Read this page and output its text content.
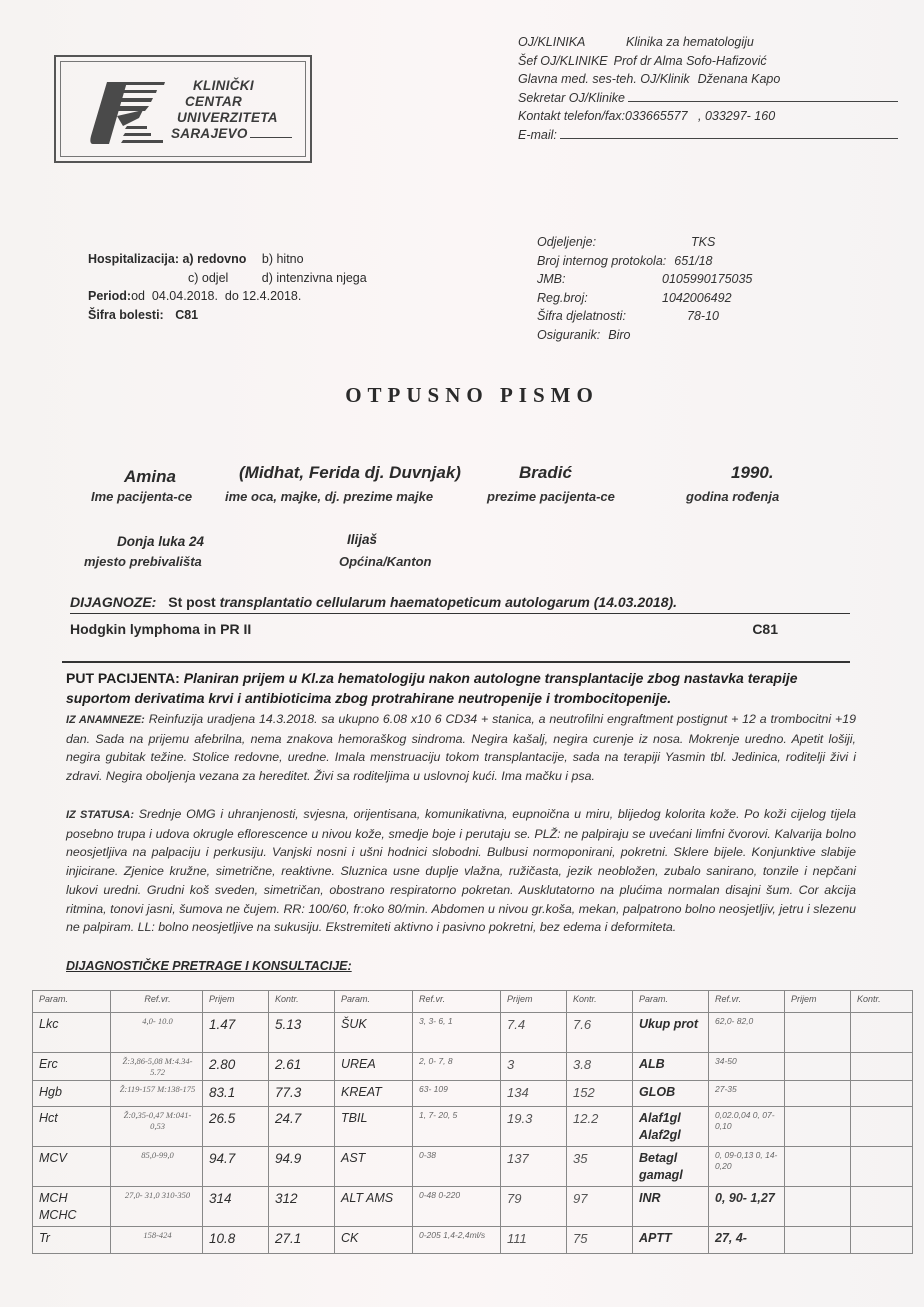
KLINIČKI
CENTAR
UNIVERZITETA
SARAJEVO
OJ/KLINIKA	Klinika za hematologiju
Šef OJ/KLINIKE Prof dr Alma Sofo-Hafizović
Glavna med. ses-teh. OJ/Klinik Dženana Kapo
Sekretar OJ/Klinike
Kontakt telefon/fax: 033665577   , 033297- 160
E-mail:
Hospitalizacija: a) redovno b) hitno
c) odjel	d) intenzivna njega
Period:od  04.04.2018.  do 12.4.2018.
Šifra bolesti: C81
Odjeljenje:	TKS
Broj internog protokola: 651/18
JMB:	0105990175035
Reg.broj:	1042006492
Šifra djelatnosti:	78-10
Osiguranik: Biro
OTPUSNO PISMO
Amina
Ime pacijenta-ce
(Midhat, Ferida dj. Duvnjak)
ime oca, majke, dj. prezime majke
Bradić
prezime pacijenta-ce
1990.
godina rođenja
Donja luka 24
mjesto prebivališta
Ilijaš
Općina/Kanton
DIJAGNOZE: St post transplantatio cellularum haematopeticum autologarum (14.03.2018).
Hodgkin lymphoma in PR II	C81
PUT PACIJENTA: Planiran prijem u Kl.za hematologiju nakon autologne transplantacije zbog nastavka terapije suportom derivatima krvi i antibioticima zbog protrahirane neutropenije i trombocitopenije.
IZ ANAMNEZE: Reinfuzija uradjena 14.3.2018. sa ukupno 6.08 x10 6 CD34 + stanica, a neutrofilni engraftment postignut + 12 a trombocitni +19 dan. Sada na prijemu afebrilna, nema znakova hemoraškog sindroma. Negira kašalj, negira curenje iz nosa. Mokrenje uredno. Apetit lošiji, negira gubitak težine. Stolice redovne, uredne. Imala menstruaciju tokom transplantacije, sada na terapiji Yasmin tbl. Jedinica, roditelji živi i zdravi. Negira oboljenja vezana za hereditet. Živi sa roditeljima u uslovnoj kući. Ima mačku i psa.
IZ STATUSA: Srednje OMG i uhranjenosti, svjesna, orijentisana, komunikativna, eupnoična u miru, blijedog kolorita kože. Po koži cijelog tijela posebno trupa i udova okrugle eflorescence u nivou kože, smedje boje i perutaju se. PLŽ: ne palpiraju se uvećani limfni čvorovi. Kalvarija bolno neosjetljiva na palpaciju i perkusiju. Vanjski nosni i ušni hodnici slobodni. Bulbusi normoponirani, pokretni. Sklere bijele. Konjunktive slabije injicirane. Zjenice kružne, simetrične, reaktivne. Sluznica usne duplje vlažna, ružičasta, jezik neobložen, zubalo sanirano, tonzile i nepčani lukovi uredni. Grudni koš sveden, simetričan, obostrano respiratorno pokretan. Ausklutatorno na plućima normalan disajni šum. Cor akcija ritmina, tonovi jasni, šumova ne čujem. RR: 100/60, fr:oko 80/min. Abdomen u nivou gr.koša, mekan, palpatrono bolno neosjetljiv, jetru i slezenu ne palpiram. LL: bolno neosjetljive na sukusiju. Ekstremiteti aktivno i pasivno pokretni, bez edema i deformiteta.
DIJAGNOSTIČKE PRETRAGE I KONSULTACIJE:
Param.	Ref.vr.	Prijem	Kontr.	Param.	Ref.vr.	Prijem	Kontr.	Param.	Ref.vr.	Prijem	Kontr.
Lkc	4,0- 10.0	1.47	5.13	ŠUK	3, 3- 6, 1	7.4	7.6	Ukup prot	62,0- 82,0		
Erc	Ž:3,86-5,08 M:4.34-5.72	2.80	2.61	UREA	2, 0- 7, 8	3	3.8	ALB	34-50		
Hgb	Ž:119-157 M:138-175	83.1	77.3	KREAT	63- 109	134	152	GLOB	27-35		
Hct	Ž:0,35-0,47 M:041-0,53	26.5	24.7	TBIL	1, 7- 20, 5	19.3	12.2	Alaf1gl Alaf2gl	0,02.0,04 0, 07-0,10		
MCV	85,0-99,0	94.7	94.9	AST	0-38	137	35	Betagl gamagl	0, 09-0,13 0, 14-0,20		
MCH MCHC	27,0- 31,0 310-350	314	312	ALT AMS	0-48 0-220	79	97	INR	0, 90- 1,27		
Tr	158-424	10.8	27.1	CK	0-205 1,4-2,4ml/s	111	75	APTT	27, 4-		
